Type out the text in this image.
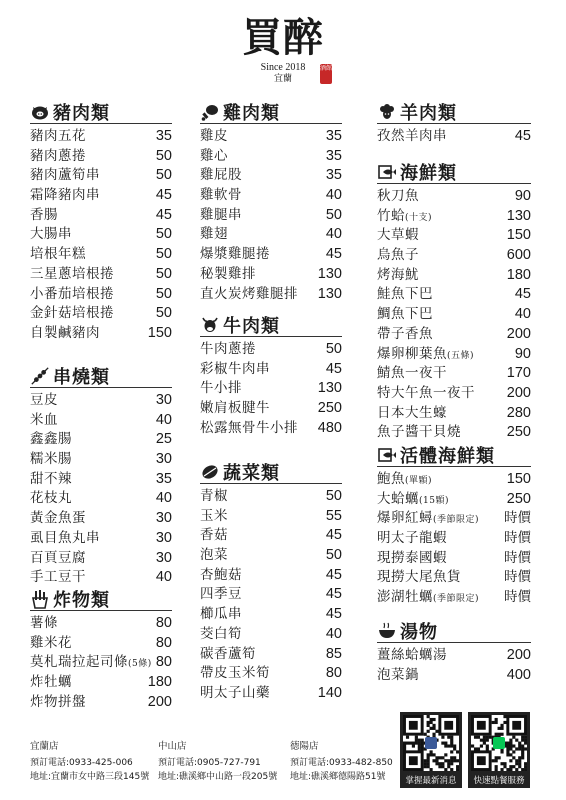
買醉
酒館
Since 2018
宜蘭
豬肉類
豬肉五花	35
豬肉蔥捲	50
豬肉蘆筍串	50
霜降豬肉串	45
香腸	45
大腸串	50
培根年糕	50
三星蔥培根捲	50
小番茄培根捲	50
金針菇培根捲	50
自製鹹豬肉	150
串燒類
豆皮	30
米血	40
鑫鑫腸	25
糯米腸	30
甜不辣	35
花枝丸	40
黃金魚蛋	30
虱目魚丸串	30
百頁豆腐	30
手工豆干	40
炸物類
薯條	80
雞米花	80
莫札瑞拉起司條(5條) 80
炸牡蠣	180
炸物拼盤	200
雞肉類
雞皮	35
雞心	35
雞屁股	35
雞軟骨	40
雞腿串	50
雞翅	40
爆漿雞腿捲	45
秘製雞排	130
直火炭烤雞腿排 130
牛肉類
牛肉蔥捲	50
彩椒牛肉串	45
牛小排	130
嫩肩板腱牛	250
松露無骨牛小排 480
蔬菜類
青椒	50
玉米	55
香菇	45
泡菜	50
杏鮑菇	45
四季豆	45
櫛瓜串	45
茭白筍	40
碳香蘆筍	85
帶皮玉米筍	80
明太子山藥	140
羊肉類
孜然羊肉串	45
海鮮類
秋刀魚	90
竹蛤(十支)	130
大草蝦	150
烏魚子	600
烤海魷	180
鮭魚下巴	45
鯛魚下巴	40
帶子香魚	200
爆卵柳葉魚(五條)	90
鯖魚一夜干	170
特大午魚一夜干 200
日本大生蠔	280
魚子醬干貝燒	250
活體海鮮類
鮑魚(單顆)	150
大蛤蠣(15顆)	250
爆卵紅蟳(季節限定) 時價
明太子龍蝦	時價
現撈泰國蝦	時價
現撈大尾魚貨	時價
澎湖牡蠣(季節限定) 時價
湯物
薑絲蛤蠣湯	200
泡菜鍋	400
宜蘭店
預訂電話:0933-425-006
地址:宜蘭市女中路三段145號
中山店
預訂電話:0905-727-791
地址:礁溪鄉中山路一段205號
德陽店
預訂電話:0933-482-850
地址:礁溪鄉德陽路51號	掌握最新消息	快速點餐服務
